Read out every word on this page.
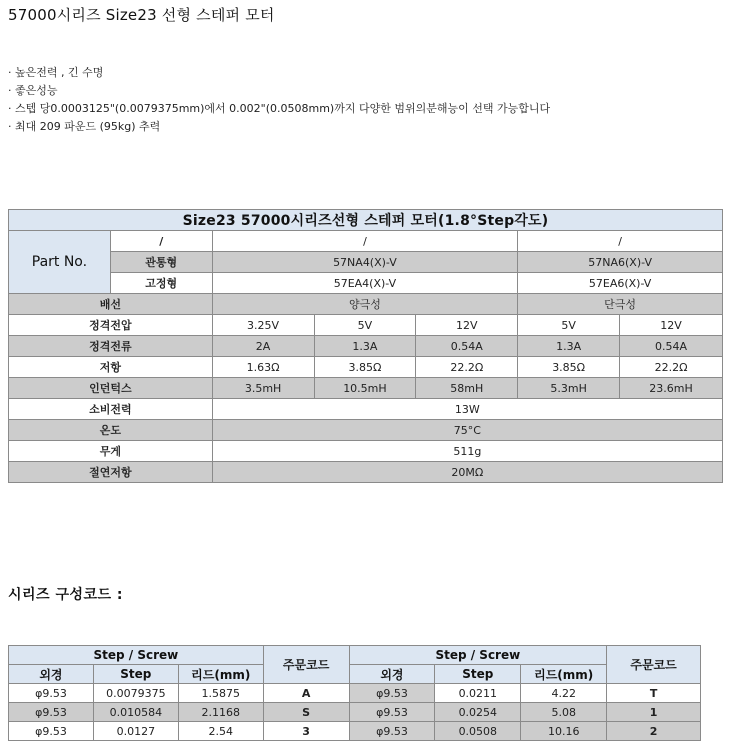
57000시리즈 Size23 선형 스테퍼 모터
· 높은전력 , 긴 수명
· 좋은성능
· 스텝 당0.0003125"(0.0079375mm)에서 0.002"(0.0508mm)까지 다양한 범위의분해능이 선택 가능합니다
· 최대 209 파운드 (95kg) 추력
Size23 57000시리즈선형 스테퍼 모터(1.8°Step각도)						
Part No.	/	/			/	
	관통형	57NA4(X)-V			57NA6(X)-V	
	고정형	57EA4(X)-V			57EA6(X)-V	
배선		양극성			단극성	
정격전압		3.25V	5V	12V	5V	12V
정격전류		2A	1.3A	0.54A	1.3A	0.54A
저항		1.63Ω	3.85Ω	22.2Ω	3.85Ω	22.2Ω
인던턱스		3.5mH	10.5mH	58mH	5.3mH	23.6mH
소비전력		13W				
온도		75°C				
무게		511g				
절연저항		20MΩ				
시리즈 구성코드 :
Step / Screw			주문코드	Step / Screw			주문코드
외경	Step	리드(mm)		외경	Step	리드(mm)	
φ9.53	0.0079375	1.5875	A	φ9.53	0.0211	4.22	T
φ9.53	0.010584	2.1168	S	φ9.53	0.0254	5.08	1
φ9.53	0.0127	2.54	3	φ9.53	0.0508	10.16	2
